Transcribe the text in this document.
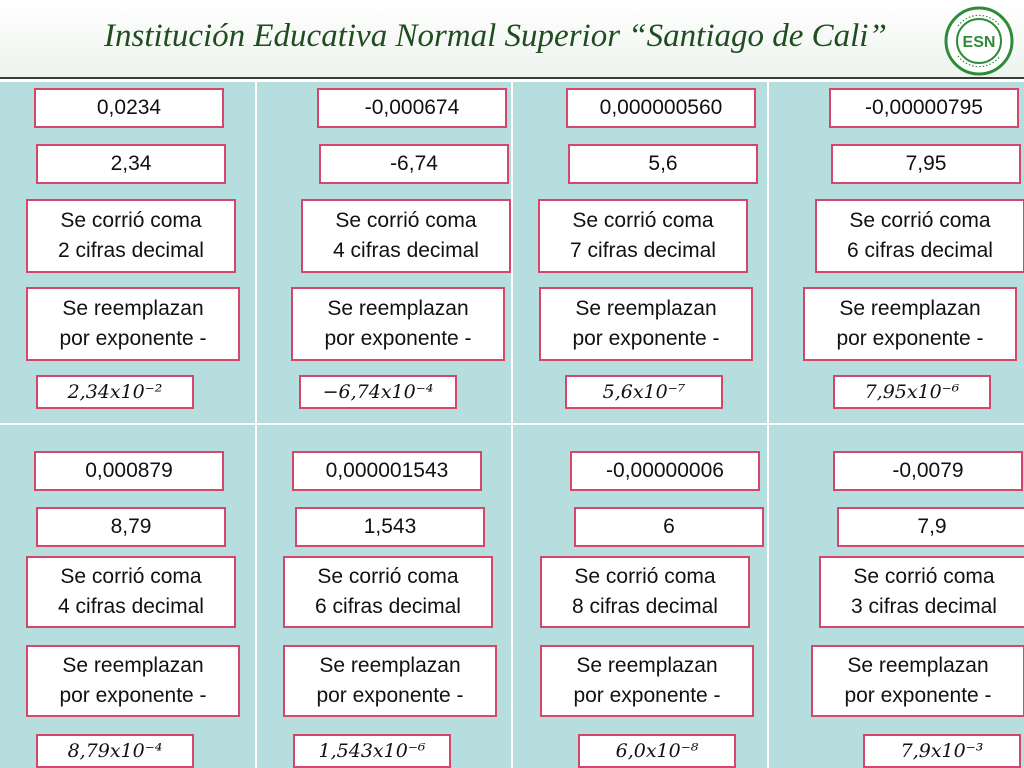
Institución Educativa Normal Superior “Santiago de Cali”	ESN
0,0234
2,34
Se corrió coma
2 cifras decimal
Se reemplazan
por exponente -
2,34𝑥10⁻²
-0,000674
-6,74
Se corrió coma
4 cifras decimal
Se reemplazan
por exponente -
−6,74𝑥10⁻⁴
0,000000560
5,6
Se corrió coma
7 cifras decimal
Se reemplazan
por exponente -
5,6𝑥10⁻⁷
-0,00000795
7,95
Se corrió coma
6 cifras decimal
Se reemplazan
por exponente -
7,95𝑥10⁻⁶
0,000879
8,79
Se corrió coma
4 cifras decimal
Se reemplazan
por exponente -
8,79𝑥10⁻⁴
0,000001543
1,543
Se corrió coma
6 cifras decimal
Se reemplazan
por exponente -
1,543𝑥10⁻⁶
-0,00000006
6
Se corrió coma
8 cifras decimal
Se reemplazan
por exponente -
6,0𝑥10⁻⁸
-0,0079
7,9
Se corrió coma
3 cifras decimal
Se reemplazan
por exponente -
7,9𝑥10⁻³
